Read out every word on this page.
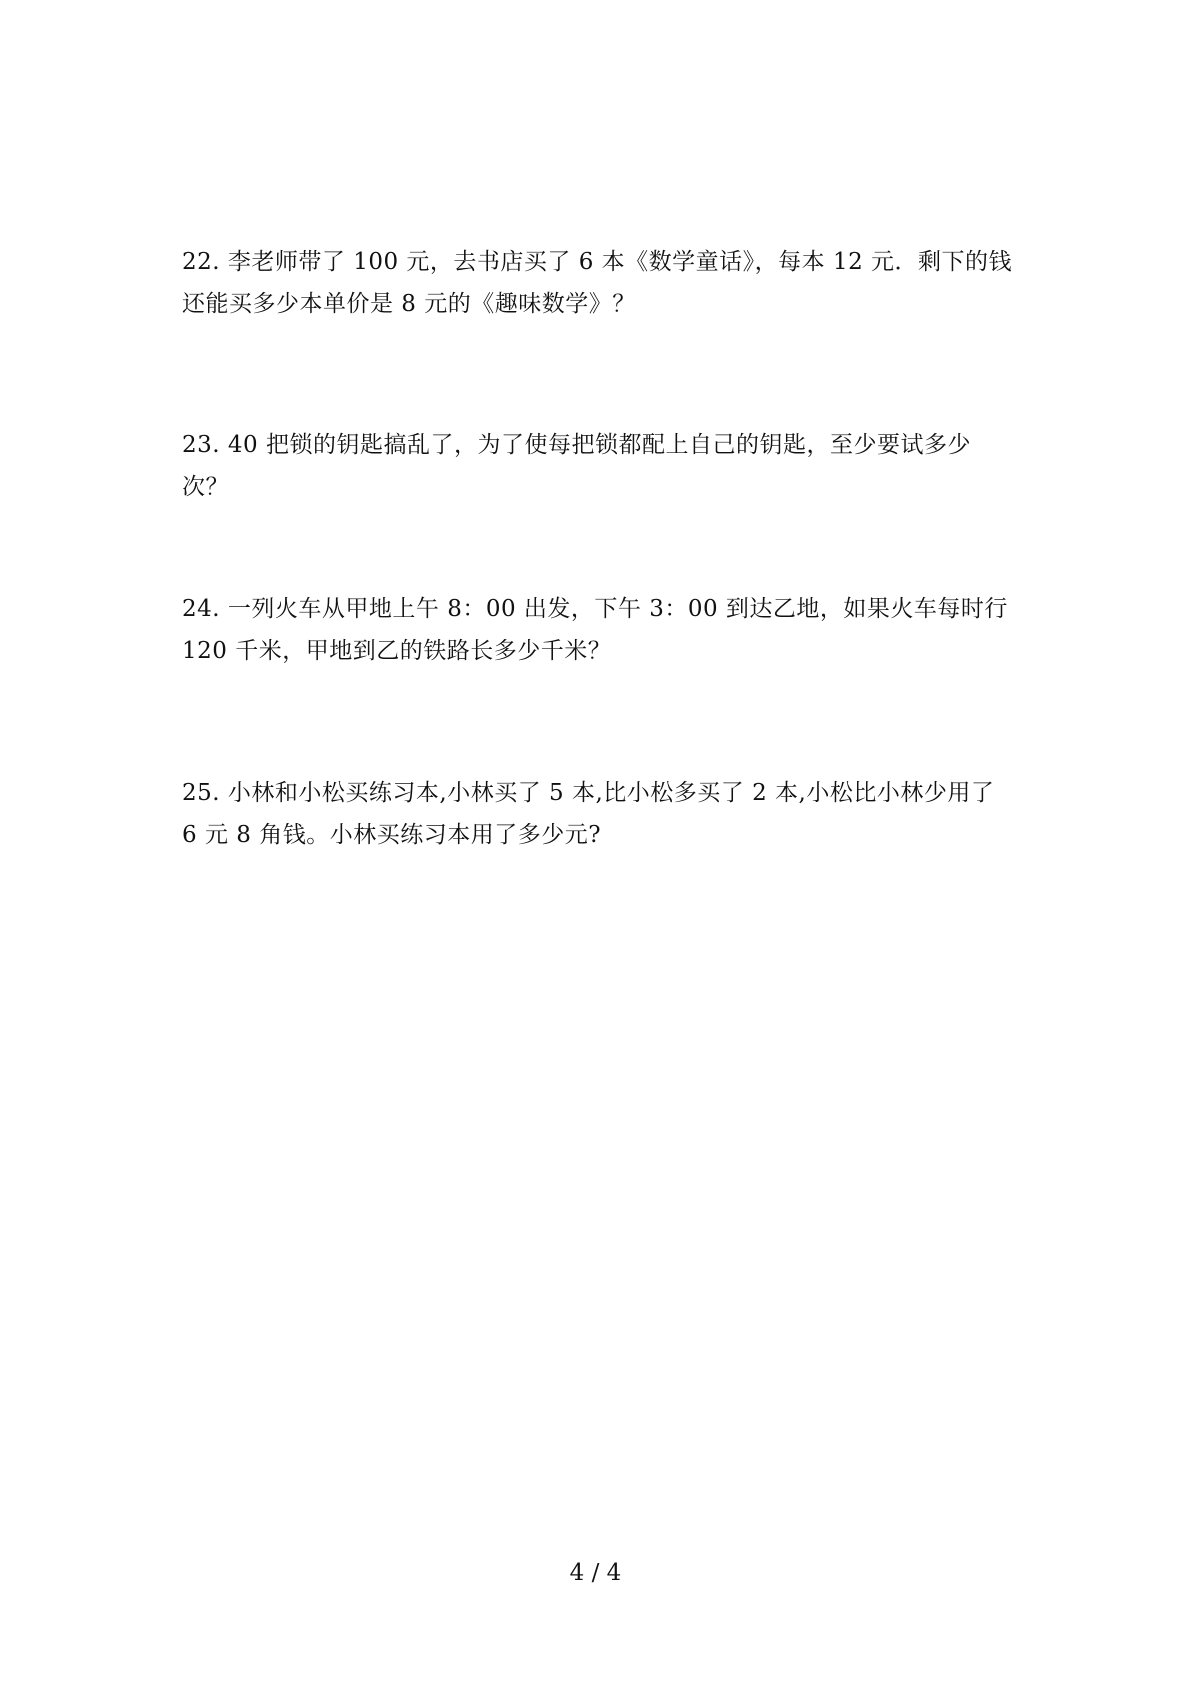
22. 李老师带了 100 元，去书店买了 6 本《数学童话》，每本 12 元．剩下的钱
还能买多少本单价是 8 元的《趣味数学》？
23. 40 把锁的钥匙搞乱了，为了使每把锁都配上自己的钥匙，至少要试多少
次？
24. 一列火车从甲地上午 8：00 出发，下午 3：00 到达乙地，如果火车每时行
120 千米，甲地到乙的铁路长多少千米？
25. 小林和小松买练习本,小林买了 5 本,比小松多买了 2 本,小松比小林少用了
6 元 8 角钱。小林买练习本用了多少元?
4 / 4
